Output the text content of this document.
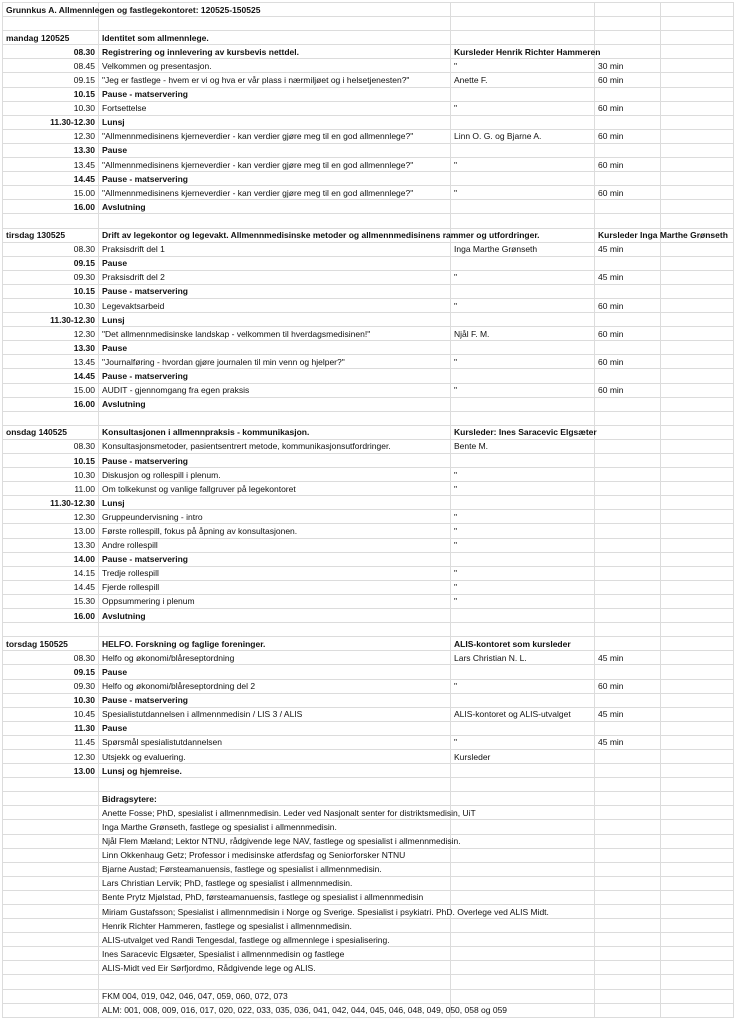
Grunnkus A. Allmennlegen og fastlegekontoret: 120525-150525				

mandag 120525	Identitet som allmennlege.			
08.30	Registrering og innlevering av kursbevis nettdel.	Kursleder Henrik Richter Hammeren		
08.45	Velkommen og presentasjon.	"	30 min	
09.15	"Jeg er fastlege - hvem er vi og hva er vår plass i nærmiljøet og i helsetjenesten?"	Anette F.	60 min	
10.15	Pause - matservering			
10.30	Fortsettelse	"	60 min	
11.30-12.30	Lunsj			
12.30	"Allmennmedisinens kjerneverdier - kan verdier gjøre meg til en god allmennlege?"	Linn O. G. og Bjarne A.	60 min	
13.30	Pause			
13.45	"Allmennmedisinens kjerneverdier - kan verdier gjøre meg til en god allmennlege?"	"	60 min	
14.45	Pause - matservering			
15.00	"Allmennmedisinens kjerneverdier - kan verdier gjøre meg til en god allmennlege?"	"	60 min	
16.00	Avslutning			

tirsdag 130525	Drift av legekontor og legevakt. Allmennmedisinske metoder og allmennmedisinens rammer og utfordringer.		Kursleder Inga Marthe Grønseth	
08.30	Praksisdrift del 1	Inga Marthe Grønseth	45 min	
09.15	Pause			
09.30	Praksisdrift del 2	"	45 min	
10.15	Pause - matservering			
10.30	Legevaktsarbeid	"	60 min	
11.30-12.30	Lunsj			
12.30	"Det allmennmedisinske landskap - velkommen til hverdagsmedisinen!"	Njål F. M.	60 min	
13.30	Pause			
13.45	"Journalføring - hvordan gjøre journalen til min venn og hjelper?"	"	60 min	
14.45	Pause - matservering			
15.00	AUDIT - gjennomgang fra egen praksis	"	60 min	
16.00	Avslutning			

onsdag 140525	Konsultasjonen i allmennpraksis - kommunikasjon.	Kursleder: Ines Saracevic Elgsæter		
08.30	Konsultasjonsmetoder, pasientsentrert metode, kommunikasjonsutfordringer.	Bente M.		
10.15	Pause - matservering			
10.30	Diskusjon og rollespill i plenum.	"		
11.00	Om tolkekunst og vanlige fallgruver på legekontoret	"		
11.30-12.30	Lunsj			
12.30	Gruppeundervisning - intro	"		
13.00	Første rollespill, fokus på åpning av konsultasjonen.	"		
13.30	Andre rollespill	"		
14.00	Pause - matservering			
14.15	Tredje rollespill	"		
14.45	Fjerde rollespill	"		
15.30	Oppsummering i plenum	"		
16.00	Avslutning			

torsdag 150525	HELFO. Forskning og faglige foreninger.	ALIS-kontoret som kursleder		
08.30	Helfo og økonomi/blåreseptordning	Lars Christian N. L.	45 min	
09.15	Pause			
09.30	Helfo og økonomi/blåreseptordning del 2	"	60 min	
10.30	Pause - matservering			
10.45	Spesialistutdannelsen i allmennmedisin / LIS 3 / ALIS	ALIS-kontoret og ALIS-utvalget	45 min	
11.30	Pause			
11.45	Spørsmål spesialistutdannelsen	"	45 min	
12.30	Utsjekk og evaluering.	Kursleder		
13.00	Lunsj og hjemreise.			

	Bidragsytere:			
	Anette Fosse; PhD, spesialist i allmennmedisin. Leder ved Nasjonalt senter for distriktsmedisin, UiT			
	Inga Marthe Grønseth, fastlege og spesialist i allmennmedisin.			
	Njål Flem Mæland; Lektor NTNU, rådgivende lege NAV, fastlege og spesialist i allmennmedisin.			
	Linn Okkenhaug Getz; Professor i medisinske atferdsfag og Seniorforsker NTNU			
	Bjarne Austad; Førsteamanuensis, fastlege og spesialist i allmennmedisin.			
	Lars Christian Lervik; PhD, fastlege og spesialist i allmennmedisin.			
	Bente Prytz Mjølstad, PhD, førsteamanuensis, fastlege og spesialist i allmennmedisin			
	Miriam Gustafsson; Spesialist i allmennmedisin i Norge og Sverige. Spesialist i psykiatri. PhD. Overlege ved ALIS Midt.			
	Henrik Richter Hammeren, fastlege og spesialist i allmennmedisin.			
	ALIS-utvalget ved Randi Tengesdal, fastlege og allmennlege i spesialisering.			
	Ines Saracevic Elgsæter, Spesialist i allmennmedisin og fastlege			
	ALIS-Midt ved Eir Sørfjordmo, Rådgivende lege og ALIS.			

	FKM 004, 019, 042, 046, 047, 059, 060, 072, 073			
	ALM: 001, 008, 009, 016, 017, 020, 022, 033, 035, 036, 041, 042, 044, 045, 046, 048, 049, 050, 058 og 059			
